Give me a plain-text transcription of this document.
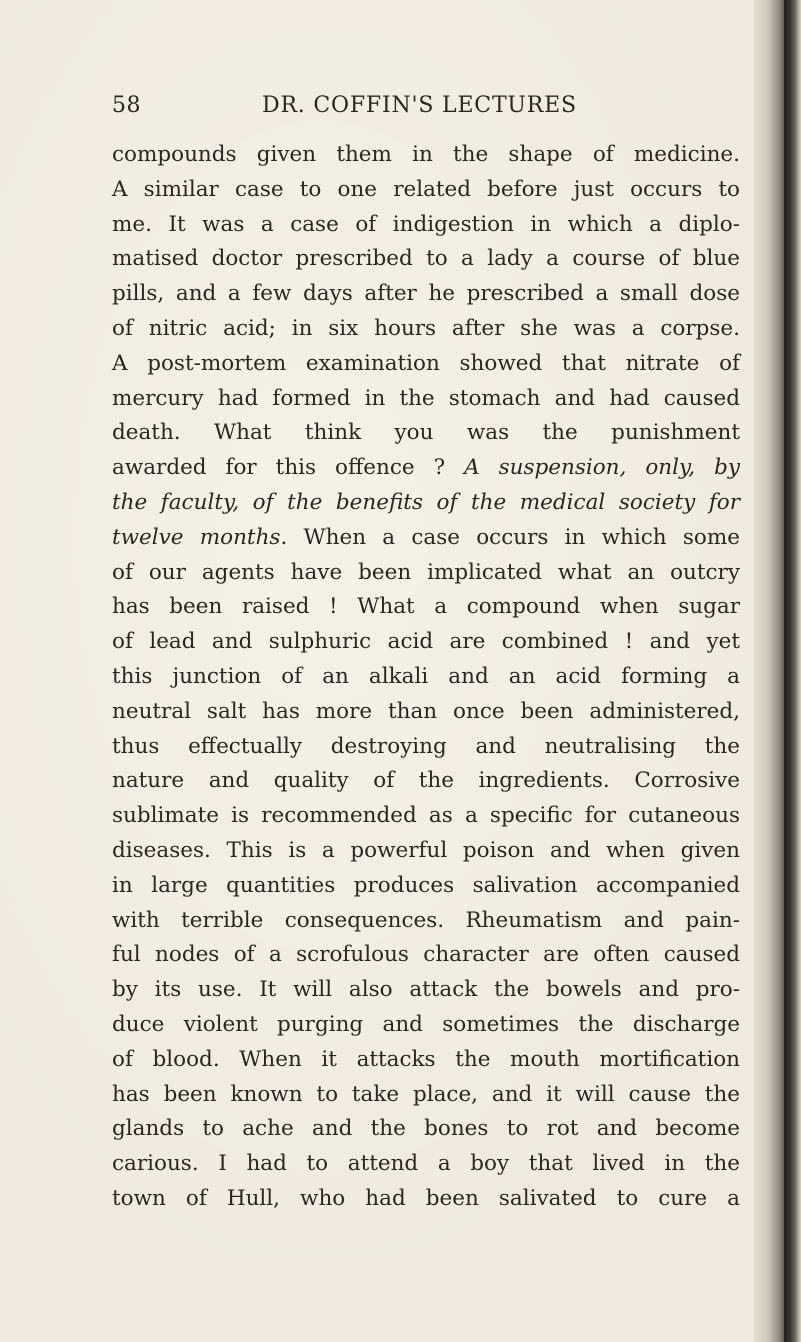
58	DR. COFFIN'S LECTURES
compounds given them in the shape of medicine.
A similar case to one related before just occurs to
me. It was a case of indigestion in which a diplo-
matised doctor prescribed to a lady a course of blue
pills, and a few days after he prescribed a small dose
of nitric acid; in six hours after she was a corpse.
A post-mortem examination showed that nitrate of
mercury had formed in the stomach and had caused
death. What think you was the punishment
awarded for this offence ? A suspension, only, by
the faculty, of the benefits of the medical society for
twelve months. When a case occurs in which some
of our agents have been implicated what an outcry
has been raised ! What a compound when sugar
of lead and sulphuric acid are combined ! and yet
this junction of an alkali and an acid forming a
neutral salt has more than once been administered,
thus effectually destroying and neutralising the
nature and quality of the ingredients. Corrosive
sublimate is recommended as a specific for cutaneous
diseases. This is a powerful poison and when given
in large quantities produces salivation accompanied
with terrible consequences. Rheumatism and pain-
ful nodes of a scrofulous character are often caused
by its use. It will also attack the bowels and pro-
duce violent purging and sometimes the discharge
of blood. When it attacks the mouth mortification
has been known to take place, and it will cause the
glands to ache and the bones to rot and become
carious. I had to attend a boy that lived in the
town of Hull, who had been salivated to cure a
